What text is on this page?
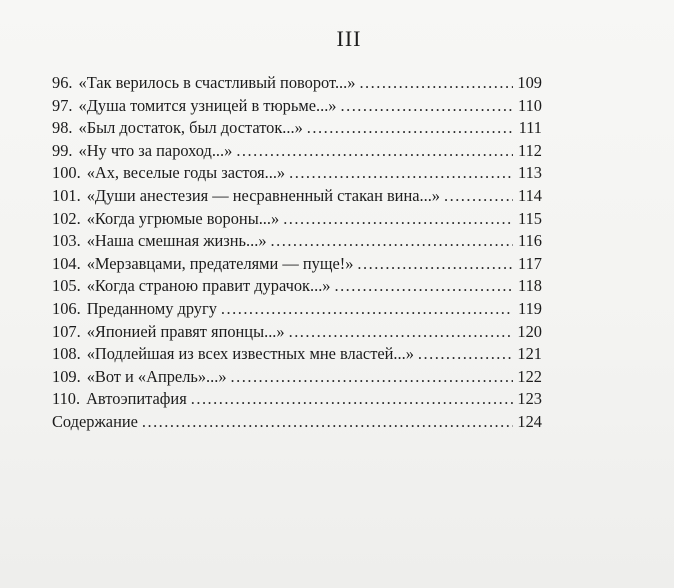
III
96. «Так верилось в счастливый поворот...» .....	109
97. «Душа томится узницей в тюрьме...» .....	110
98. «Был достаток, был достаток...» .....	111
99. «Ну что за пароход...» .....	112
100. «Ах, веселые годы застоя...» .....	113
101. «Души анестезия — несравненный стакан вина...» .....	114
102. «Когда угрюмые вороны...» .....	115
103. «Наша смешная жизнь...» .....	116
104. «Мерзавцами, предателями — пуще!» .....	117
105. «Когда страною правит дурачок...» .....	118
106. Преданному другу .....	119
107. «Японией правят японцы...» .....	120
108. «Подлейшая из всех известных мне властей...» .....	121
109. «Вот и «Апрель»...» .....	122
110. Автоэпитафия .....	123
Содержание .....	124
